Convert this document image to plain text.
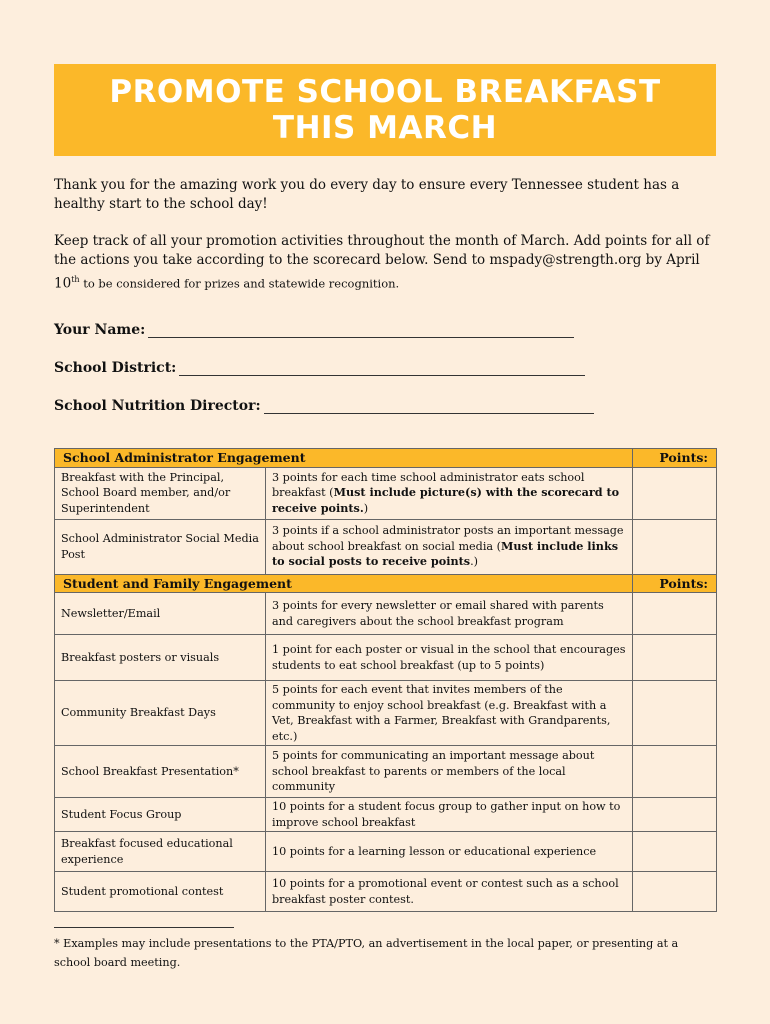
PROMOTE SCHOOL BREAKFAST
THIS MARCH
Thank you for the amazing work you do every day to ensure every Tennessee student has a healthy start to the school day!
Keep track of all your promotion activities throughout the month of March. Add points for all of the actions you take according to the scorecard below. Send to mspady@strength.org by April 10th to be considered for prizes and statewide recognition.
Your Name:
School District:
School Nutrition Director:
School Administrator Engagement		Points:
Breakfast with the Principal, School Board member, and/or Superintendent	3 points for each time school administrator eats school breakfast (Must include picture(s) with the scorecard to receive points.)	
School Administrator Social Media Post	3 points if a school administrator posts an important message about school breakfast on social media (Must include links to social posts to receive points.)	
Student and Family Engagement		Points:
Newsletter/Email	3 points for every newsletter or email shared with parents and caregivers about the school breakfast program	
Breakfast posters or visuals	1 point for each poster or visual in the school that encourages students to eat school breakfast (up to 5 points)	
Community Breakfast Days	5 points for each event that invites members of the community to enjoy school breakfast (e.g. Breakfast with a Vet, Breakfast with a Farmer, Breakfast with Grandparents, etc.)	
School Breakfast Presentation*	5 points for communicating an important message about school breakfast to parents or members of the local community	
Student Focus Group	10 points for a student focus group to gather input on how to improve school breakfast	
Breakfast focused educational experience	10 points for a learning lesson or educational experience	
Student promotional contest	10 points for a promotional event or contest such as a school breakfast poster contest.	
* Examples may include presentations to the PTA/PTO, an advertisement in the local paper, or presenting at a school board meeting.
